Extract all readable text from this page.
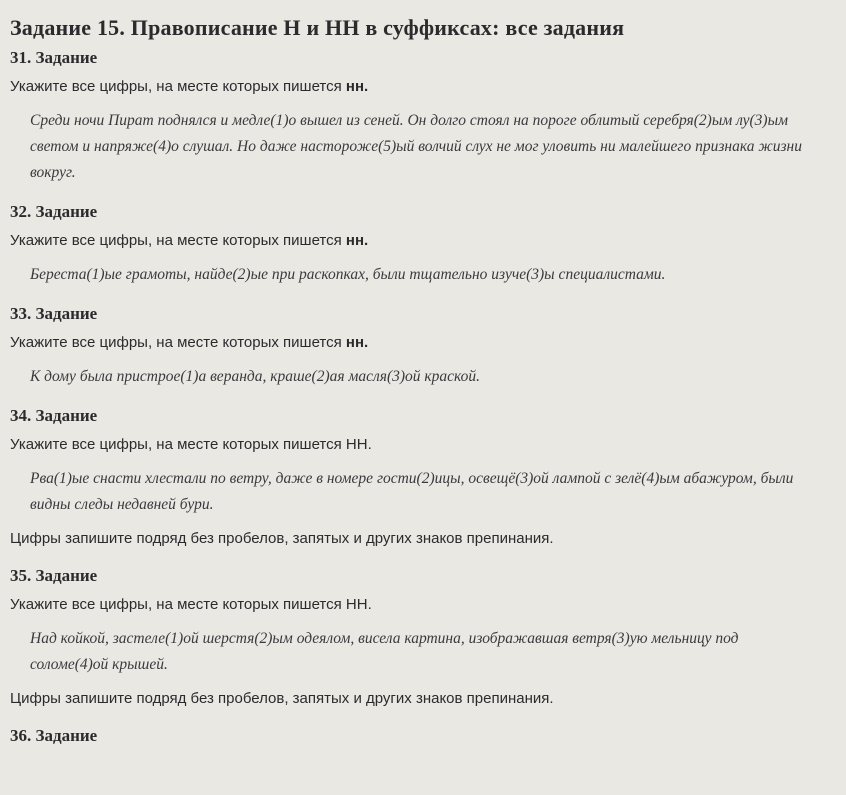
Задание 15. Правописание Н и НН в суффиксах: все задания
31. Задание
Укажите все цифры, на месте которых пишется нн.
Среди ночи Пират поднялся и медле(1)о вышел из сеней. Он долго стоял на пороге облитый серебря(2)ым лу(3)ым светом и напряже(4)о слушал. Но даже насторожe(5)ый волчий слух не мог уловить ни малейшего признака жизни вокруг.
32. Задание
Укажите все цифры, на месте которых пишется нн.
Береста(1)ые грамоты, найде(2)ые при раскопках, были тщательно изуче(3)ы специалистами.
33. Задание
Укажите все цифры, на месте которых пишется нн.
К дому была пристрое(1)а веранда, краше(2)ая масля(3)ой краской.
34. Задание
Укажите все цифры, на месте которых пишется НН.
Рва(1)ые снасти хлестали по ветру, даже в номере гости(2)ицы, освещё(3)ой лампой с зелё(4)ым абажуром, были видны следы недавней бури.
Цифры запишите подряд без пробелов, запятых и других знаков препинания.
35. Задание
Укажите все цифры, на месте которых пишется НН.
Над койкой, застеле(1)ой шерстя(2)ым одеялом, висела картина, изображавшая ветря(3)ую мельницу под соломе(4)ой крышей.
Цифры запишите подряд без пробелов, запятых и других знаков препинания.
36. Задание
